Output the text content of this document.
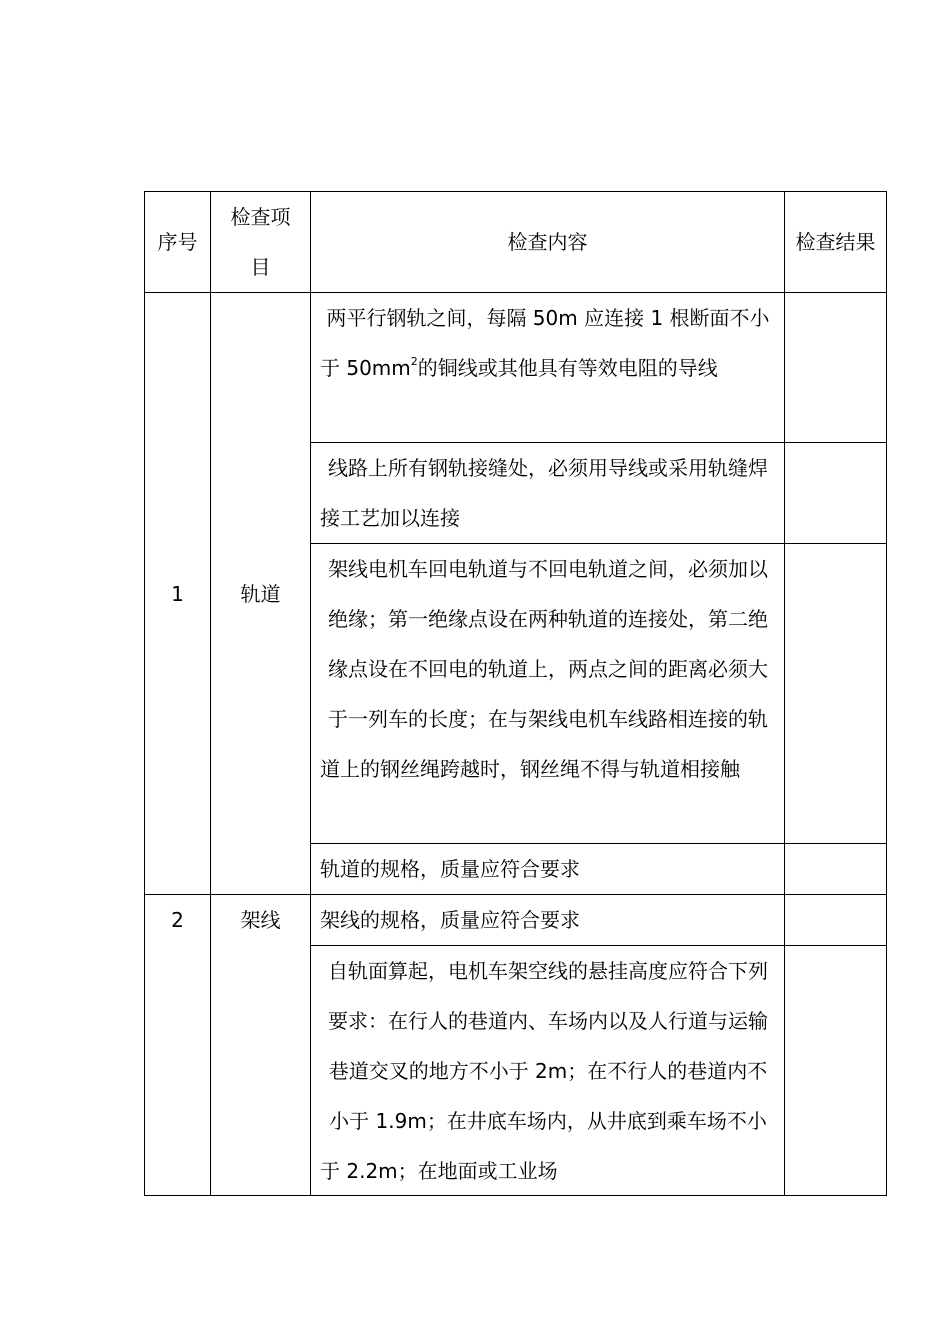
序号	检查项目	检查内容	检查结果

1	轨道	两平行钢轨之间，每隔 50m 应连接 1 根断面不小于 $50mm^2$的铜线或其他具有等效电阻的导线	
		线路上所有钢轨接缝处，必须用导线或采用轨缝焊接工艺加以连接	
		架线电机车回电轨道与不回电轨道之间，必须加以绝缘；第一绝缘点设在两种轨道的连接处，第二绝缘点设在不回电的轨道上，两点之间的距离必须大于一列车的长度；在与架线电机车线路相连接的轨道上的钢丝绳跨越时，钢丝绳不得与轨道相接触	
		轨道的规格，质量应符合要求	
2	架线	架线的规格，质量应符合要求	

		自轨面算起，电机车架空线的悬挂高度应符合下列要求：在行人的巷道内、车场内以及人行道与运输巷道交叉的地方不小于 2m；在不行人的巷道内不小于 1.9m；在井底车场内，从井底到乘车场不小于 2.2m；在地面或工业场	
